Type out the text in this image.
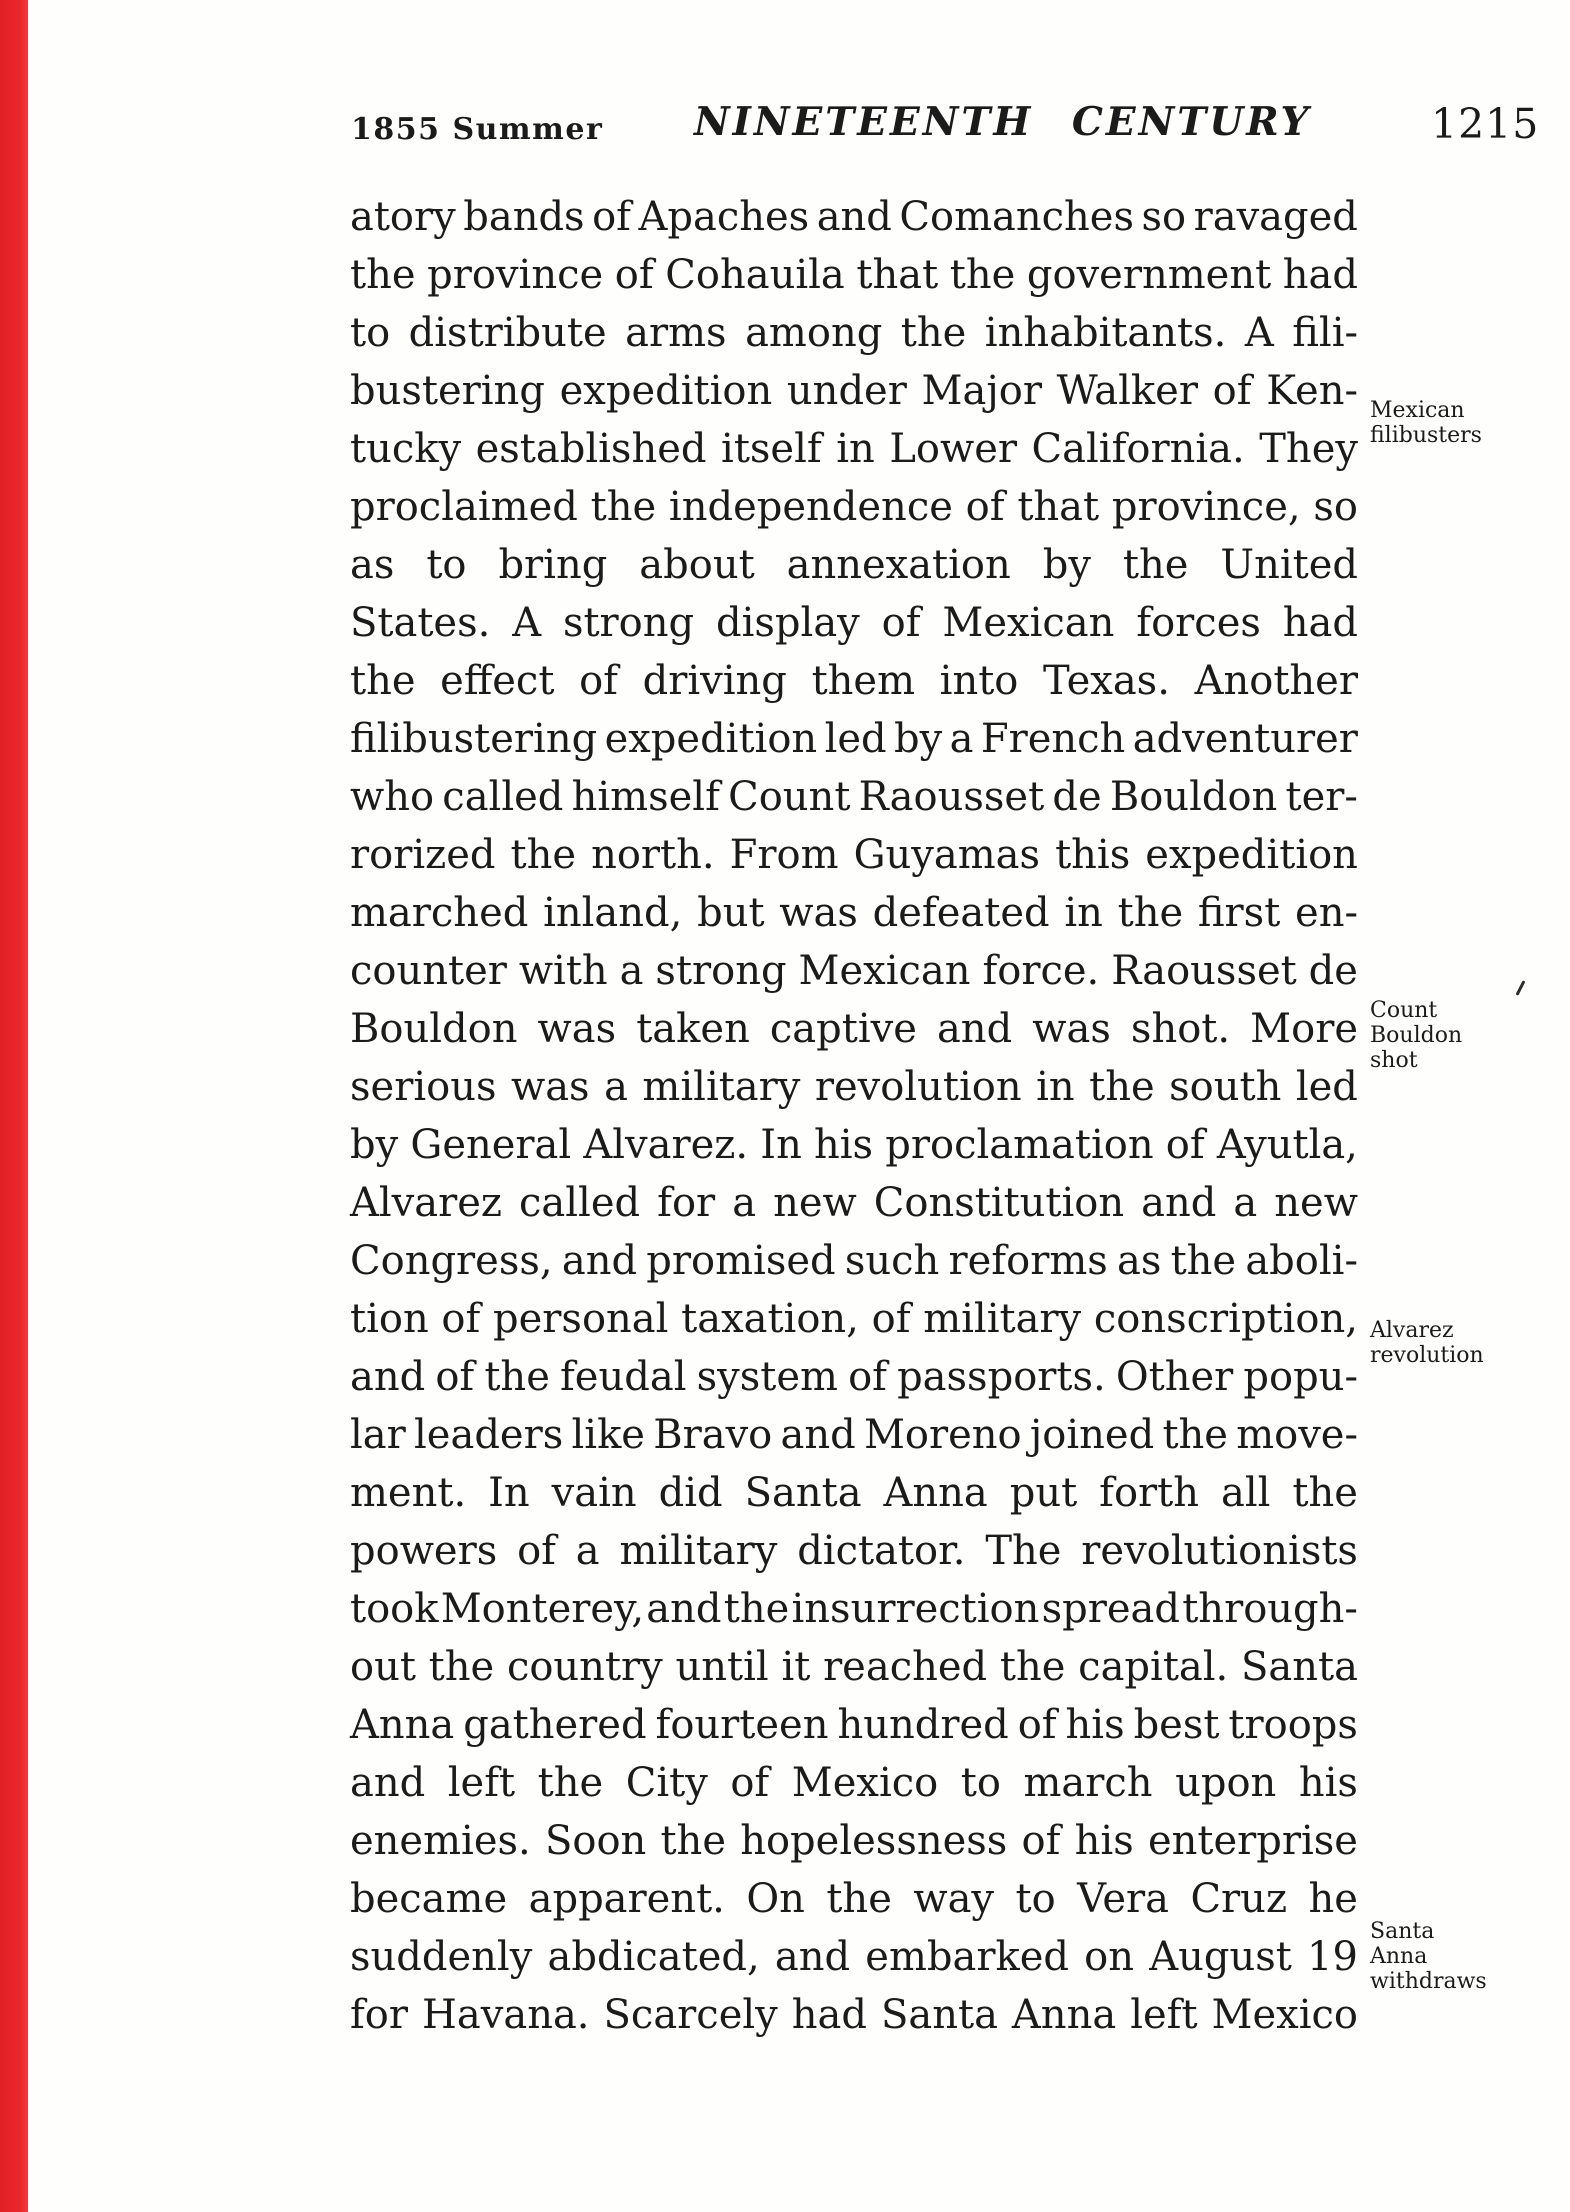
1855 Summer NINETEENTH CENTURY	1215
atory bands of Apaches and Comanches so ravaged
the province of Cohauila that the government had
to distribute arms among the inhabitants. A fili-
bustering expedition under Major Walker of Ken-
tucky established itself in Lower California. They
proclaimed the independence of that province, so
as to bring about annexation by the United
States. A strong display of Mexican forces had
the effect of driving them into Texas. Another
filibustering expedition led by a French adventurer
who called himself Count Raousset de Bouldon ter-
rorized the north. From Guyamas this expedition
marched inland, but was defeated in the first en-
counter with a strong Mexican force. Raousset de
Bouldon was taken captive and was shot. More
serious was a military revolution in the south led
by General Alvarez. In his proclamation of Ayutla,
Alvarez called for a new Constitution and a new
Congress, and promised such reforms as the aboli-
tion of personal taxation, of military conscription,
and of the feudal system of passports. Other popu-
lar leaders like Bravo and Moreno joined the move-
ment. In vain did Santa Anna put forth all the
powers of a military dictator. The revolutionists
took Monterey, and the insurrection spread through-
out the country until it reached the capital. Santa
Anna gathered fourteen hundred of his best troops
and left the City of Mexico to march upon his
enemies. Soon the hopelessness of his enterprise
became apparent. On the way to Vera Cruz he
suddenly abdicated, and embarked on August 19
for Havana. Scarcely had Santa Anna left Mexico
Mexican
filibusters
Count
Bouldon
shot
Alvarez
revolution
Santa
Anna
withdraws
